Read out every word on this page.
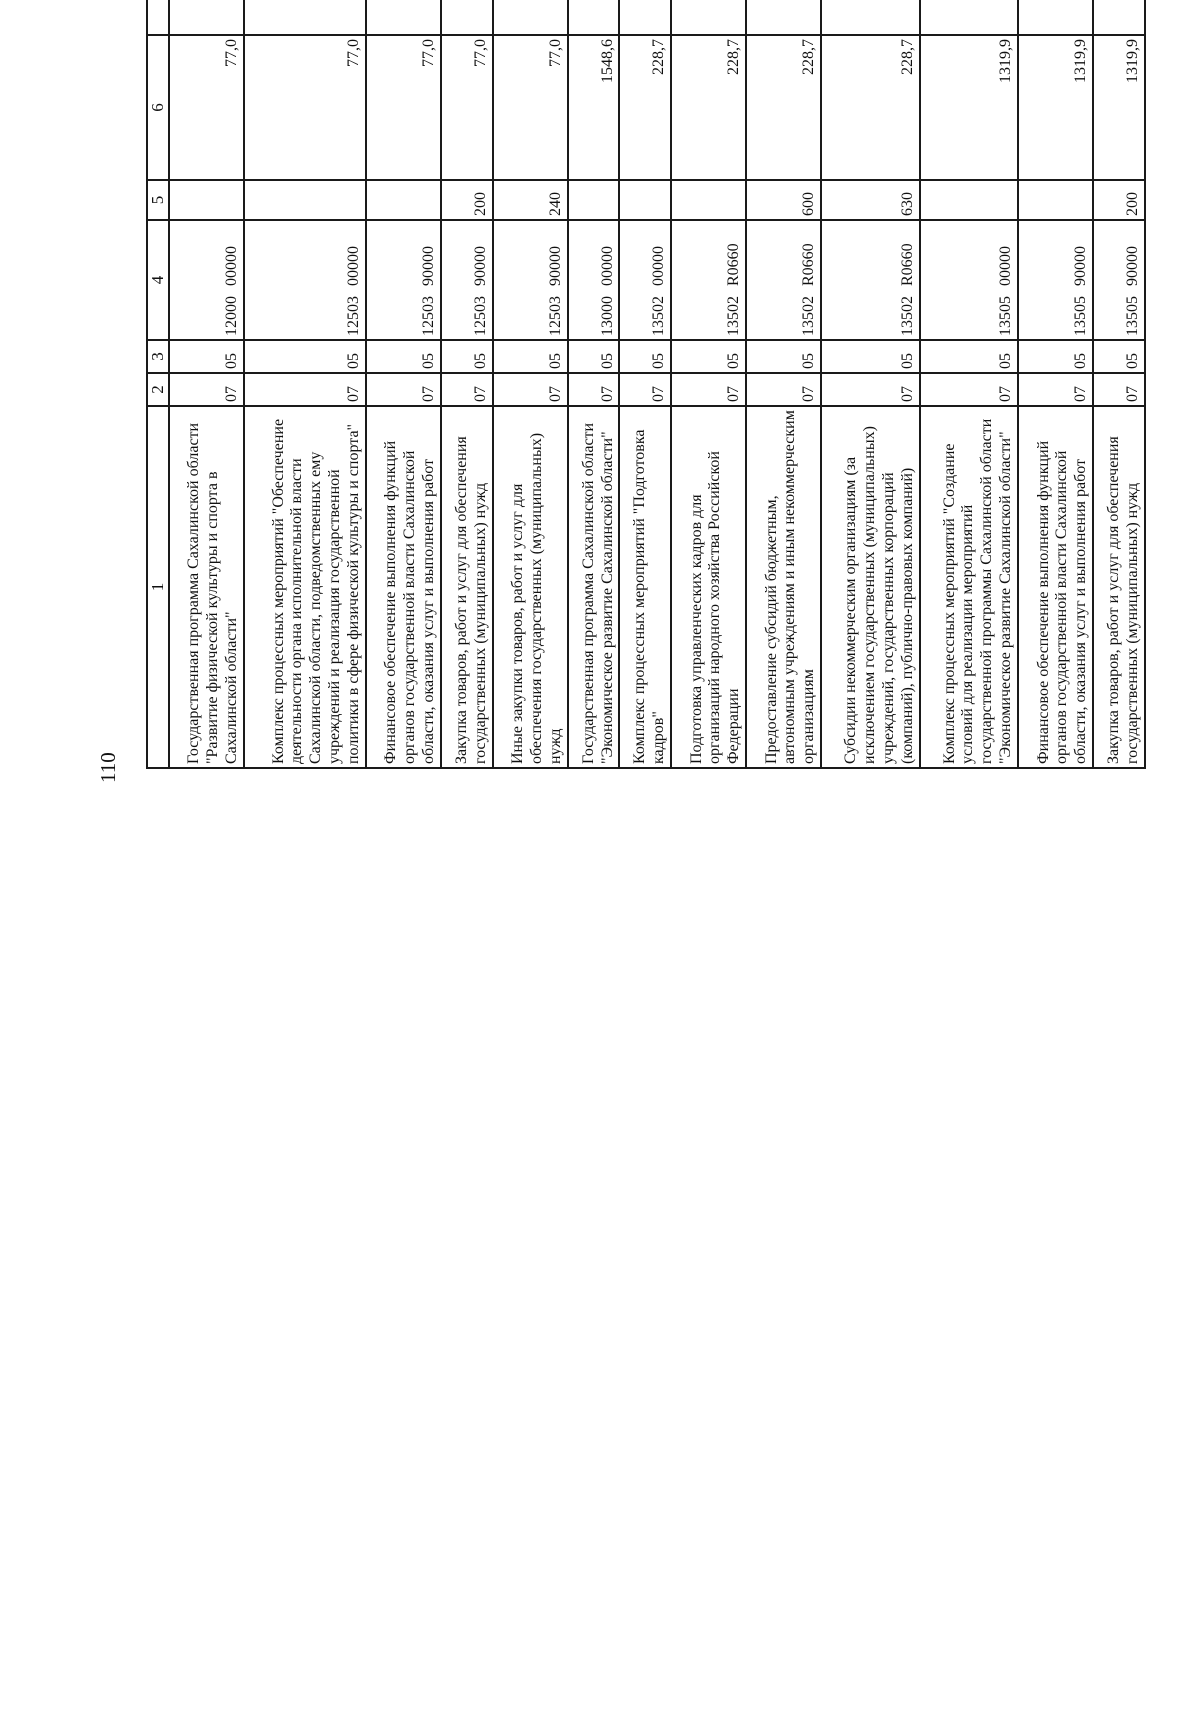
110
1	2	3	4	5	6		
Государственная программа Сахалинской области "Развитие физической культуры и спорта в Сахалинской области"	07	05	1200000000		77,0		
Комплекс процессных мероприятий "Обеспечение деятельности органа исполнительной власти Сахалинской области, подведомственных ему учреждений и реализация государственной политики в сфере физической культуры и спорта"	07	05	1250300000		77,0		
Финансовое обеспечение выполнения функций органов государственной власти Сахалинской области, оказания услуг и выполнения работ	07	05	1250390000		77,0		
Закупка товаров, работ и услуг для обеспечения государственных (муниципальных) нужд	07	05	1250390000	200	77,0		
Иные закупки товаров, работ и услуг для обеспечения государственных (муниципальных) нужд	07	05	1250390000	240	77,0		
Государственная программа Сахалинской области "Экономическое развитие Сахалинской области"	07	05	1300000000		1548,6		
Комплекс процессных мероприятий "Подготовка кадров"	07	05	1350200000		228,7		
Подготовка управленческих кадров для организаций народного хозяйства Российской Федерации	07	05	13502R0660		228,7		
Предоставление субсидий бюджетным, автономным учреждениям и иным некоммерческим организациям	07	05	13502R0660	600	228,7		
Субсидии некоммерческим организациям (за исключением государственных (муниципальных) учреждений, государственных корпораций (компаний), публично-правовых компаний)	07	05	13502R0660	630	228,7		
Комплекс процессных мероприятий "Создание условий для реализации мероприятий государственной программы Сахалинской области "Экономическое развитие Сахалинской области"	07	05	1350500000		1319,9		
Финансовое обеспечение выполнения функций органов государственной власти Сахалинской области, оказания услуг и выполнения работ	07	05	1350590000		1319,9		
Закупка товаров, работ и услуг для обеспечения государственных (муниципальных) нужд	07	05	1350590000	200	1319,9		
